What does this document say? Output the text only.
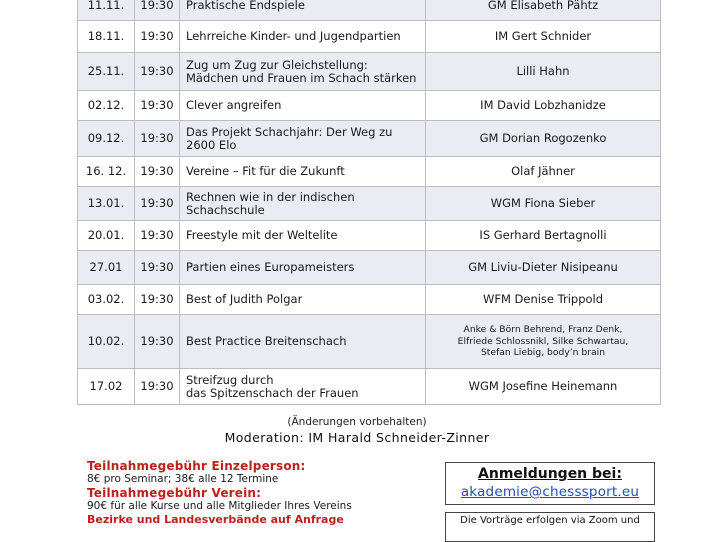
11.11.	19:30	Praktische Endspiele	GM Elisabeth Pähtz
18.11.	19:30	Lehrreiche Kinder- und Jugendpartien	IM Gert Schnider
25.11.	19:30	Zug um Zug zur Gleichstellung:
Mädchen und Frauen im Schach stärken	Lilli Hahn
02.12.	19:30	Clever angreifen	IM David Lobzhanidze
09.12.	19:30	Das Projekt Schachjahr: Der Weg zu
2600 Elo	GM Dorian Rogozenko
16. 12.	19:30	Vereine – Fit für die Zukunft	Olaf Jähner
13.01.	19:30	Rechnen wie in der indischen
Schachschule	WGM Fiona Sieber
20.01.	19:30	Freestyle mit der Weltelite	IS Gerhard Bertagnolli
27.01	19:30	Partien eines Europameisters	GM Liviu-Dieter Nisipeanu
03.02.	19:30	Best of Judith Polgar	WFM Denise Trippold
10.02.	19:30	Best Practice Breitenschach	Anke & Börn Behrend, Franz Denk,
Elfriede Schlossnikl, Silke Schwartau,
Stefan Liebig, body’n brain
17.02	19:30	Streifzug durch
das Spitzenschach der Frauen	WGM Josefine Heinemann
(Änderungen vorbehalten)
Moderation: IM Harald Schneider-Zinner
Teilnahmegebühr Einzelperson:
8€ pro Seminar; 38€ alle 12 Termine
Teilnahmegebühr Verein:
90€ für alle Kurse und alle Mitglieder Ihres Vereins
Bezirke und Landesverbände auf Anfrage
Anmeldungen bei:
akademie@chesssport.eu
Die Vorträge erfolgen via Zoom und
